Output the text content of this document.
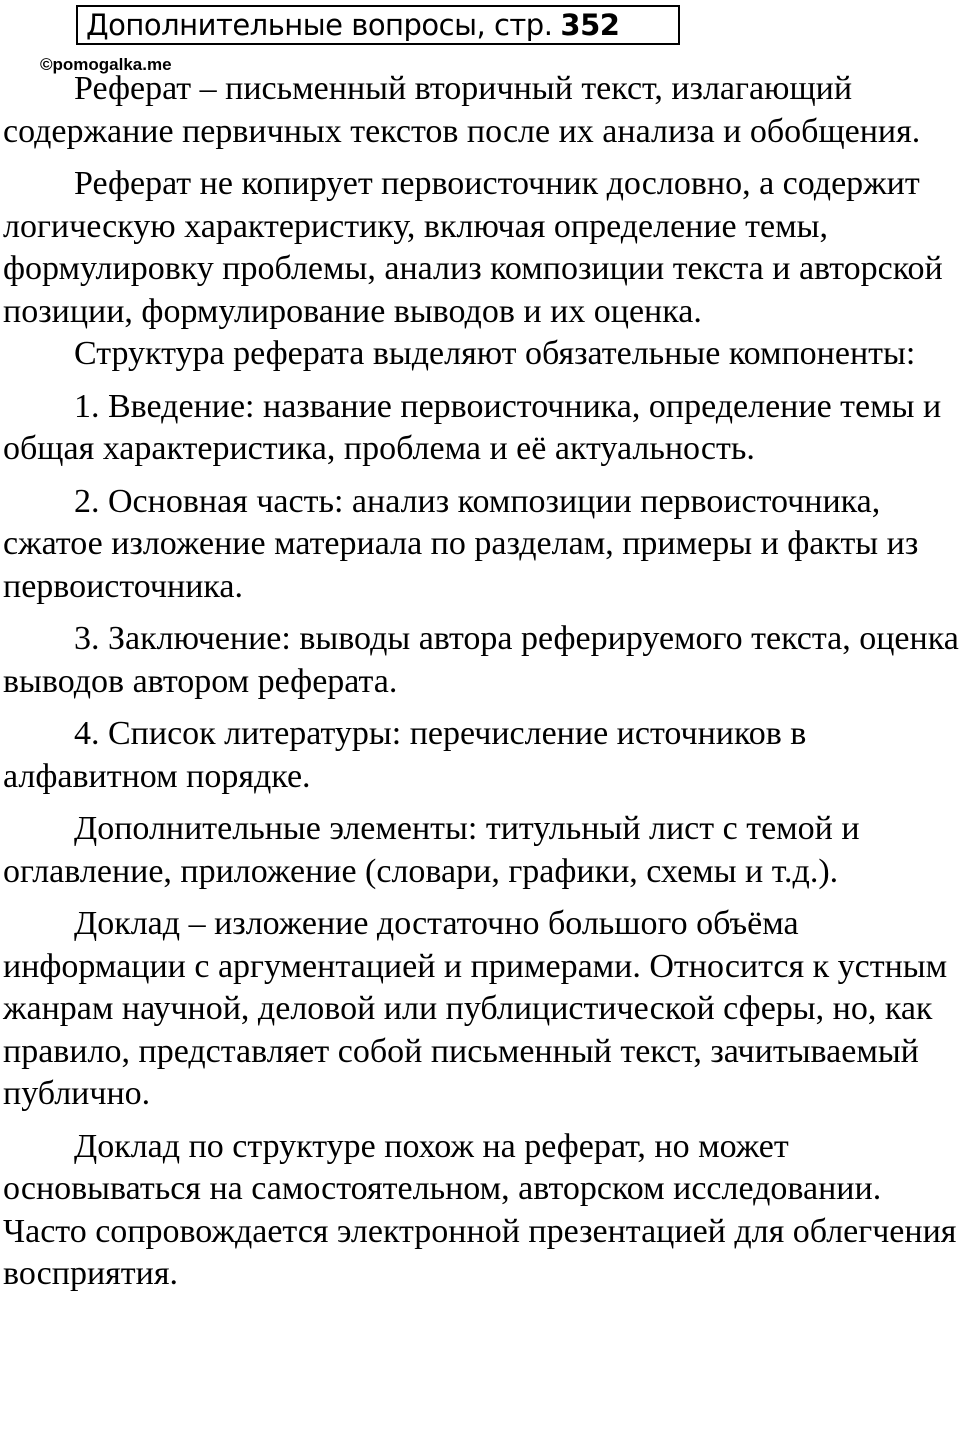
Дополнительные вопросы, стр. 352
©pomogalka.me

Реферат – письменный вторичный текст, излагающий содержание первичных текстов после их анализа и обобщения.

Реферат не копирует первоисточник дословно, а содержит логическую характеристику, включая определение темы, формулировку проблемы, анализ композиции текста и авторской позиции, формулирование выводов и их оценка.

Структура реферата выделяют обязательные компоненты:

1. Введение: название первоисточника, определение темы и общая характеристика, проблема и её актуальность.

2. Основная часть: анализ композиции первоисточника, сжатое изложение материала по разделам, примеры и факты из первоисточника.

3. Заключение: выводы автора реферируемого текста, оценка выводов автором реферата.

4. Список литературы: перечисление источников в алфавитном порядке.

Дополнительные элементы: титульный лист с темой и оглавление, приложение (словари, графики, схемы и т.д.).

Доклад – изложение достаточно большого объёма информации с аргументацией и примерами. Относится к устным жанрам научной, деловой или публицистической сферы, но, как правило, представляет собой письменный текст, зачитываемый публично.

Доклад по структуре похож на реферат, но может основываться на самостоятельном, авторском исследовании. Часто сопровождается электронной презентацией для облегчения восприятия.
